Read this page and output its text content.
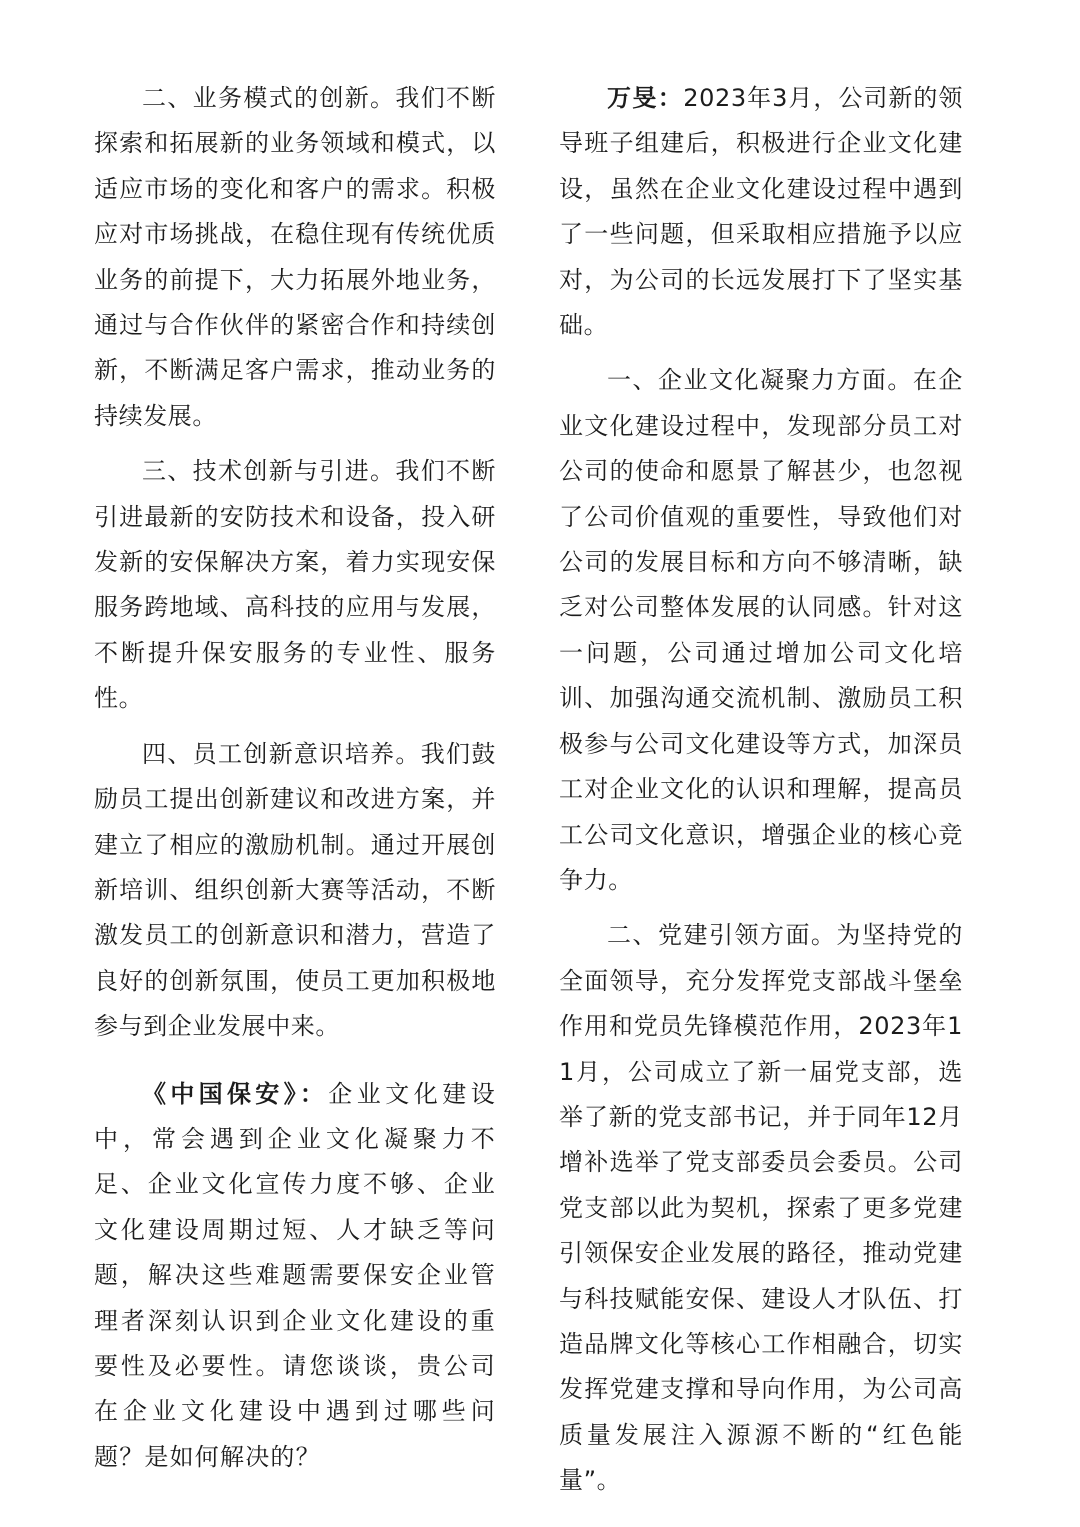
二、业务模式的创新。我们不断探索和拓展新的业务领域和模式，以适应市场的变化和客户的需求。积极应对市场挑战，在稳住现有传统优质业务的前提下，大力拓展外地业务，通过与合作伙伴的紧密合作和持续创新，不断满足客户需求，推动业务的持续发展。

三、技术创新与引进。我们不断引进最新的安防技术和设备，投入研发新的安保解决方案，着力实现安保服务跨地域、高科技的应用与发展，不断提升保安服务的专业性、服务性。

四、员工创新意识培养。我们鼓励员工提出创新建议和改进方案，并建立了相应的激励机制。通过开展创新培训、组织创新大赛等活动，不断激发员工的创新意识和潜力，营造了良好的创新氛围，使员工更加积极地参与到企业发展中来。

《中国保安》：企业文化建设中，常会遇到企业文化凝聚力不足、企业文化宣传力度不够、企业文化建设周期过短、人才缺乏等问题，解决这些难题需要保安企业管理者深刻认识到企业文化建设的重要性及必要性。请您谈谈，贵公司在企业文化建设中遇到过哪些问题？是如何解决的？

万旻：2023年3月，公司新的领导班子组建后，积极进行企业文化建设，虽然在企业文化建设过程中遇到了一些问题，但采取相应措施予以应对，为公司的长远发展打下了坚实基础。

一、企业文化凝聚力方面。在企业文化建设过程中，发现部分员工对公司的使命和愿景了解甚少，也忽视了公司价值观的重要性，导致他们对公司的发展目标和方向不够清晰，缺乏对公司整体发展的认同感。针对这一问题，公司通过增加公司文化培训、加强沟通交流机制、激励员工积极参与公司文化建设等方式，加深员工对企业文化的认识和理解，提高员工公司文化意识，增强企业的核心竞争力。

二、党建引领方面。为坚持党的全面领导，充分发挥党支部战斗堡垒作用和党员先锋模范作用，2023年11月，公司成立了新一届党支部，选举了新的党支部书记，并于同年12月增补选举了党支部委员会委员。公司党支部以此为契机，探索了更多党建引领保安企业发展的路径，推动党建与科技赋能安保、建设人才队伍、打造品牌文化等核心工作相融合，切实发挥党建支撑和导向作用，为公司高质量发展注入源源不断的“红色能量”。
